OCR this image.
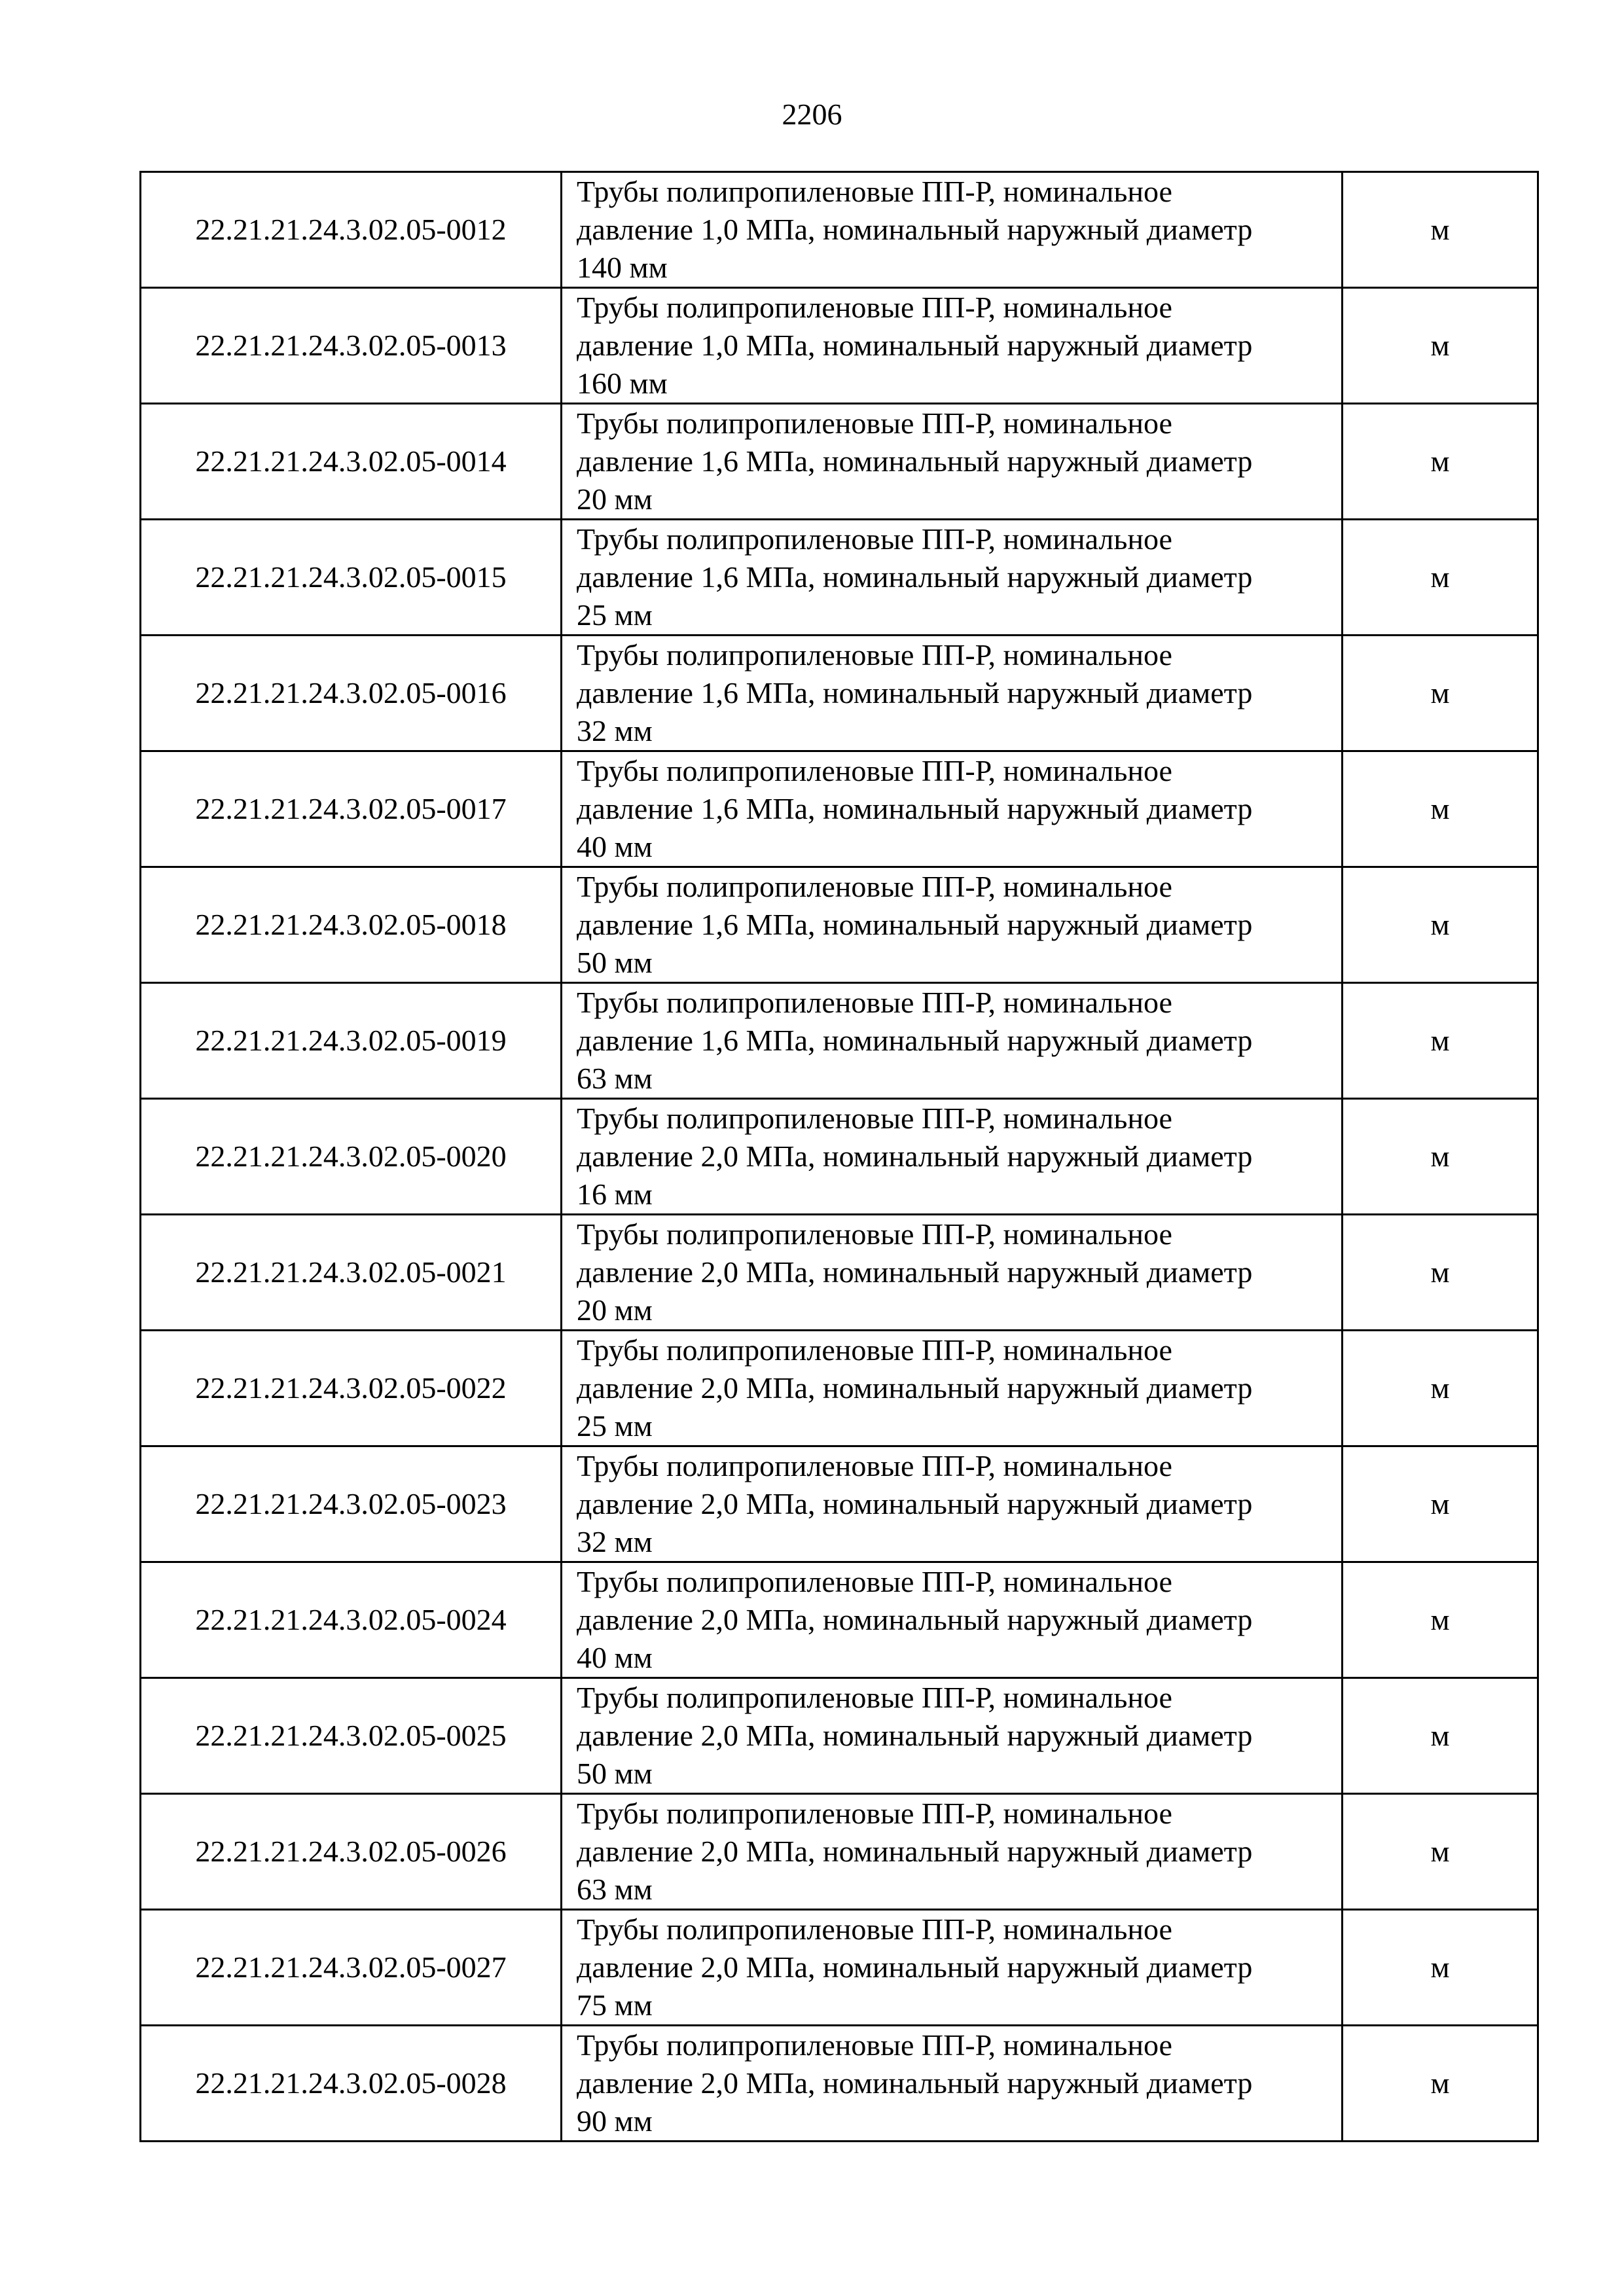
2206
22.21.21.24.3.02.05-0012	Трубы полипропиленовые ПП-Р, номинальное
давление 1,0 МПа, номинальный наружный диаметр
140 мм	м
22.21.21.24.3.02.05-0013	Трубы полипропиленовые ПП-Р, номинальное
давление 1,0 МПа, номинальный наружный диаметр
160 мм	м
22.21.21.24.3.02.05-0014	Трубы полипропиленовые ПП-Р, номинальное
давление 1,6 МПа, номинальный наружный диаметр
20 мм	м
22.21.21.24.3.02.05-0015	Трубы полипропиленовые ПП-Р, номинальное
давление 1,6 МПа, номинальный наружный диаметр
25 мм	м
22.21.21.24.3.02.05-0016	Трубы полипропиленовые ПП-Р, номинальное
давление 1,6 МПа, номинальный наружный диаметр
32 мм	м
22.21.21.24.3.02.05-0017	Трубы полипропиленовые ПП-Р, номинальное
давление 1,6 МПа, номинальный наружный диаметр
40 мм	м
22.21.21.24.3.02.05-0018	Трубы полипропиленовые ПП-Р, номинальное
давление 1,6 МПа, номинальный наружный диаметр
50 мм	м
22.21.21.24.3.02.05-0019	Трубы полипропиленовые ПП-Р, номинальное
давление 1,6 МПа, номинальный наружный диаметр
63 мм	м
22.21.21.24.3.02.05-0020	Трубы полипропиленовые ПП-Р, номинальное
давление 2,0 МПа, номинальный наружный диаметр
16 мм	м
22.21.21.24.3.02.05-0021	Трубы полипропиленовые ПП-Р, номинальное
давление 2,0 МПа, номинальный наружный диаметр
20 мм	м
22.21.21.24.3.02.05-0022	Трубы полипропиленовые ПП-Р, номинальное
давление 2,0 МПа, номинальный наружный диаметр
25 мм	м
22.21.21.24.3.02.05-0023	Трубы полипропиленовые ПП-Р, номинальное
давление 2,0 МПа, номинальный наружный диаметр
32 мм	м
22.21.21.24.3.02.05-0024	Трубы полипропиленовые ПП-Р, номинальное
давление 2,0 МПа, номинальный наружный диаметр
40 мм	м
22.21.21.24.3.02.05-0025	Трубы полипропиленовые ПП-Р, номинальное
давление 2,0 МПа, номинальный наружный диаметр
50 мм	м
22.21.21.24.3.02.05-0026	Трубы полипропиленовые ПП-Р, номинальное
давление 2,0 МПа, номинальный наружный диаметр
63 мм	м
22.21.21.24.3.02.05-0027	Трубы полипропиленовые ПП-Р, номинальное
давление 2,0 МПа, номинальный наружный диаметр
75 мм	м
22.21.21.24.3.02.05-0028	Трубы полипропиленовые ПП-Р, номинальное
давление 2,0 МПа, номинальный наружный диаметр
90 мм	м
